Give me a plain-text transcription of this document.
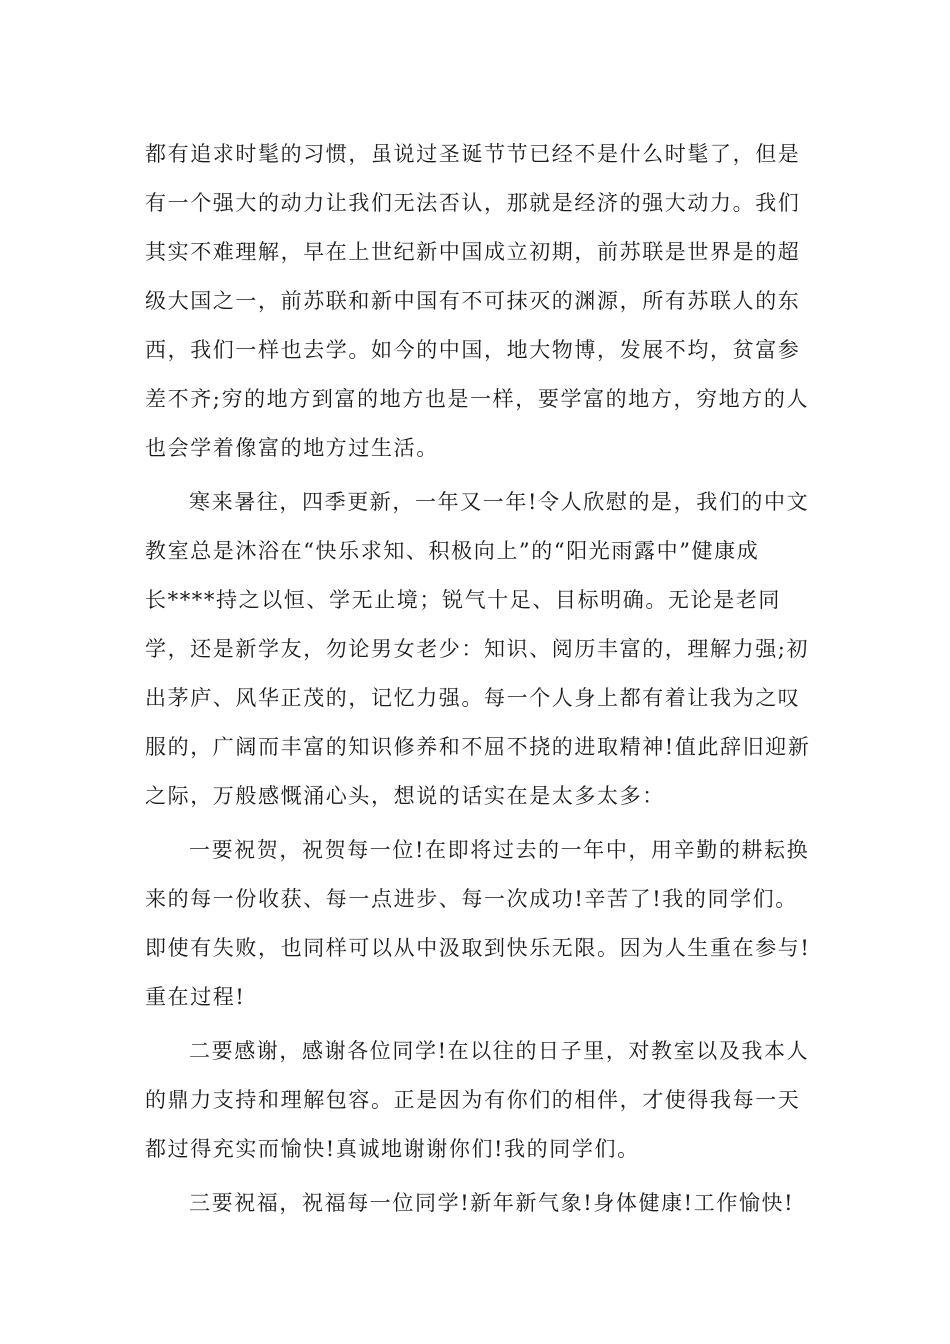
都有追求时髦的习惯，虽说过圣诞节节已经不是什么时髦了，但是
有一个强大的动力让我们无法否认，那就是经济的强大动力。我们
其实不难理解，早在上世纪新中国成立初期，前苏联是世界是的超
级大国之一，前苏联和新中国有不可抹灭的渊源，所有苏联人的东
西，我们一样也去学。如今的中国，地大物博，发展不均，贫富参
差不齐;穷的地方到富的地方也是一样，要学富的地方，穷地方的人
也会学着像富的地方过生活。
寒来暑往，四季更新，一年又一年!令人欣慰的是，我们的中文
教室总是沐浴在“快乐求知、积极向上”的“阳光雨露中”健康成
长****持之以恒、学无止境；锐气十足、目标明确。无论是老同
学，还是新学友，勿论男女老少：知识、阅历丰富的，理解力强;初
出茅庐、风华正茂的，记忆力强。每一个人身上都有着让我为之叹
服的，广阔而丰富的知识修养和不屈不挠的进取精神!值此辞旧迎新
之际，万般感慨涌心头，想说的话实在是太多太多：
一要祝贺，祝贺每一位!在即将过去的一年中，用辛勤的耕耘换
来的每一份收获、每一点进步、每一次成功!辛苦了!我的同学们。
即使有失败，也同样可以从中汲取到快乐无限。因为人生重在参与!
重在过程!
二要感谢，感谢各位同学!在以往的日子里，对教室以及我本人
的鼎力支持和理解包容。正是因为有你们的相伴，才使得我每一天
都过得充实而愉快!真诚地谢谢你们!我的同学们。
三要祝福，祝福每一位同学!新年新气象!身体健康!工作愉快!
